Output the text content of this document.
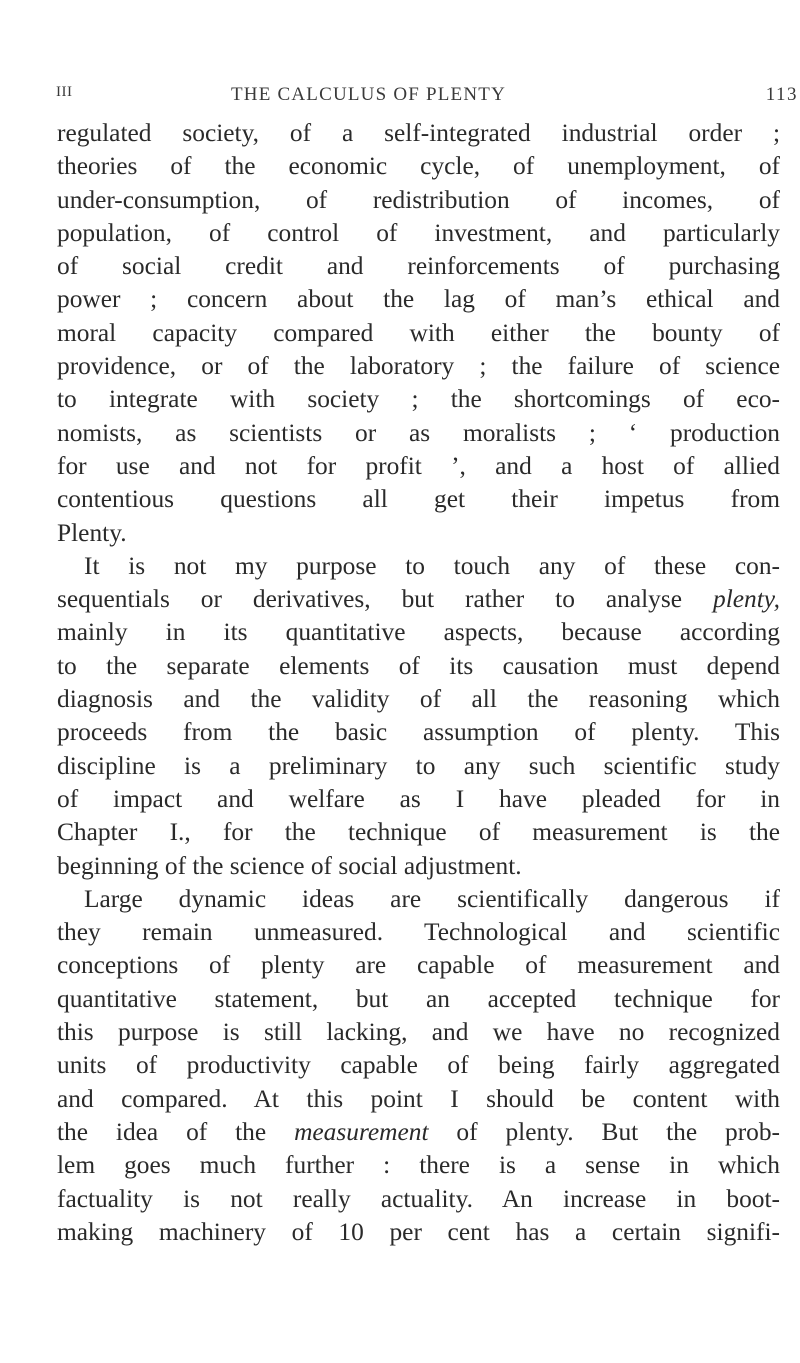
III	THE CALCULUS OF PLENTY	113
regulated society, of a self-integrated industrial order ;
theories of the economic cycle, of unemployment, of
under-consumption, of redistribution of incomes, of
population, of control of investment, and particularly
of social credit and reinforcements of purchasing
power ; concern about the lag of man’s ethical and
moral capacity compared with either the bounty of
providence, or of the laboratory ; the failure of science
to integrate with society ; the shortcomings of eco-
nomists, as scientists or as moralists ; ‘ production
for use and not for profit ’, and a host of allied
contentious questions all get their impetus from
Plenty.
It is not my purpose to touch any of these con-
sequentials or derivatives, but rather to analyse plenty,
mainly in its quantitative aspects, because according
to the separate elements of its causation must depend
diagnosis and the validity of all the reasoning which
proceeds from the basic assumption of plenty. This
discipline is a preliminary to any such scientific study
of impact and welfare as I have pleaded for in
Chapter I., for the technique of measurement is the
beginning of the science of social adjustment.
Large dynamic ideas are scientifically dangerous if
they remain unmeasured. Technological and scientific
conceptions of plenty are capable of measurement and
quantitative statement, but an accepted technique for
this purpose is still lacking, and we have no recognized
units of productivity capable of being fairly aggregated
and compared. At this point I should be content with
the idea of the measurement of plenty. But the prob-
lem goes much further : there is a sense in which
factuality is not really actuality. An increase in boot-
making machinery of 10 per cent has a certain signifi-
